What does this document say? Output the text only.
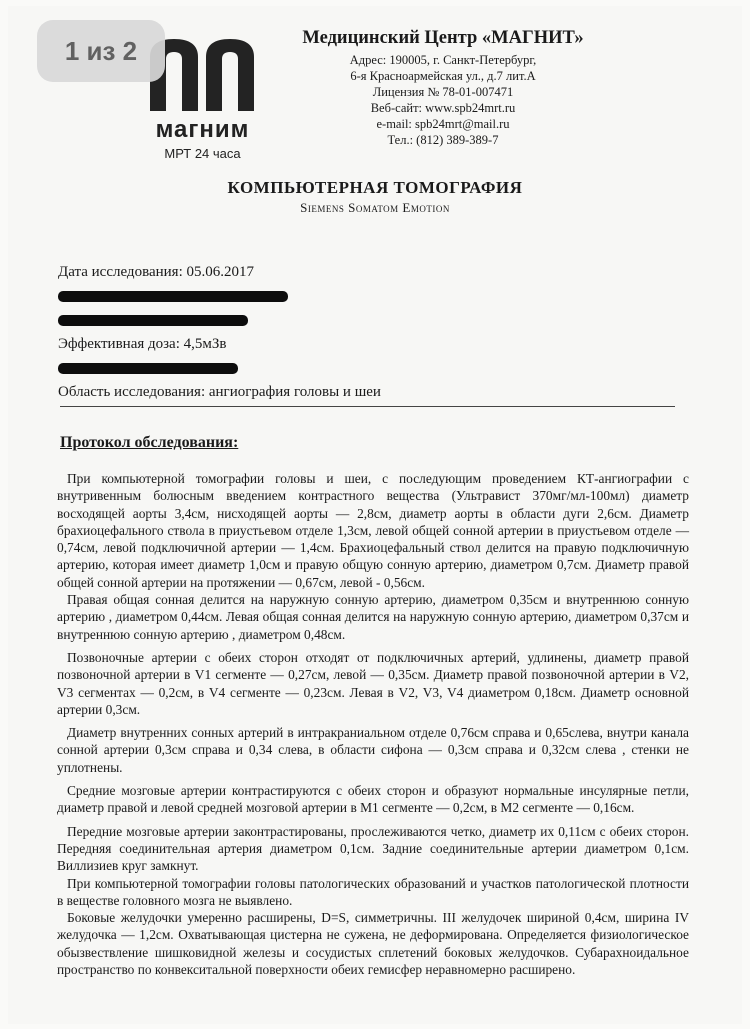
1 из 2
магним
МРТ 24 часа
Медицинский Центр «МАГНИТ»
Адрес: 190005, г. Санкт-Петербург,
6-я Красноармейская ул., д.7 лит.А
Лицензия № 78-01-007471
Веб-сайт: www.spb24mrt.ru
e-mail: spb24mrt@mail.ru
Тел.: (812) 389-389-7
КОМПЬЮТЕРНАЯ ТОМОГРАФИЯ
Siemens Somatom Emotion
Дата исследования: 05.06.2017
Эффективная доза: 4,5мЗв
Область исследования: ангиография головы и шеи
Протокол обследования:
При компьютерной томографии головы и шеи, с последующим проведением КТ-ангиографии с внутривенным болюсным введением контрастного вещества (Ультравист 370мг/мл-100мл) диаметр восходящей аорты 3,4см, нисходящей аорты — 2,8см, диаметр аорты в области дуги 2,6см. Диаметр брахиоцефального ствола в приустьевом отделе 1,3см, левой общей сонной артерии в приустьевом отделе — 0,74см, левой подключичной артерии — 1,4см. Брахиоцефальный ствол делится на правую подключичную артерию, которая имеет диаметр 1,0см и правую общую сонную артерию, диаметром 0,7см. Диаметр правой общей сонной артерии на протяжении — 0,67см, левой - 0,56см.
Правая общая сонная делится на наружную сонную артерию, диаметром 0,35см и внутреннюю сонную артерию , диаметром 0,44см. Левая общая сонная делится на наружную сонную артерию, диаметром 0,37см и внутреннюю сонную артерию , диаметром 0,48см.
Позвоночные артерии с обеих сторон отходят от подключичных артерий, удлинены, диаметр правой позвоночной артерии в V1 сегменте — 0,27см, левой — 0,35см. Диаметр правой позвоночной артерии в V2, V3 сегментах — 0,2см, в V4 сегменте — 0,23см. Левая в V2, V3, V4 диаметром 0,18см. Диаметр основной артерии 0,3см.
Диаметр внутренних сонных артерий в интракраниальном отделе 0,76см справа и 0,65слева, внутри канала сонной артерии 0,3см справа и 0,34 слева, в области сифона — 0,3см справа и 0,32см слева , стенки не уплотнены.
Средние мозговые артерии контрастируются с обеих сторон и образуют нормальные инсулярные петли, диаметр правой и левой средней мозговой артерии в М1 сегменте — 0,2см, в М2 сегменте — 0,16см.
Передние мозговые артерии законтрастированы, прослеживаются четко, диаметр их 0,11см с обеих сторон. Передняя соединительная артерия диаметром 0,1см. Задние соединительные артерии диаметром 0,1см. Виллизиев круг замкнут.
При компьютерной томографии головы патологических образований и участков патологической плотности в веществе головного мозга не выявлено.
Боковые желудочки умеренно расширены, D=S, симметричны. III желудочек шириной 0,4см, ширина IV желудочка — 1,2см. Охватывающая цистерна не сужена, не деформирована. Определяется физиологическое обызвествление шишковидной железы и сосудистых сплетений боковых желудочков. Субарахноидальное пространство по конвекситальной поверхности обеих гемисфер неравномерно расширено.
